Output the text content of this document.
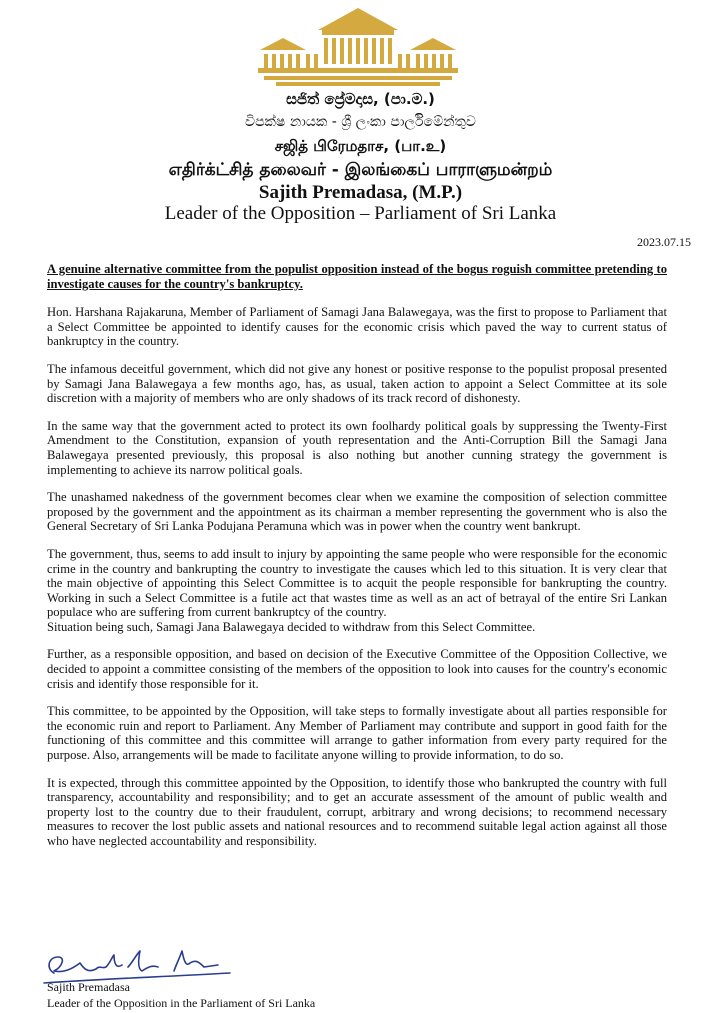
සජිත් ප්‍රේමදාස, (පා.ම.)
විපක්ෂ නායක - ශ්‍රී ලංකා පාර්ලිමේන්තුව
சஜித் பிரேமதாச, (பா.உ)
எதிர்க்ட்சித் தலைவர் - இலங்கைப் பாராளுமன்றம்
Sajith Premadasa, (M.P.)
Leader of the Opposition – Parliament of Sri Lanka
2023.07.15
A genuine alternative committee from the populist opposition instead of the bogus roguish committee pretending to investigate causes for the country's bankruptcy.

Hon. Harshana Rajakaruna, Member of Parliament of Samagi Jana Balawegaya, was the first to propose to Parliament that a Select Committee be appointed to identify causes for the economic crisis which paved the way to current status of bankruptcy in the country.

The infamous deceitful government, which did not give any honest or positive response to the populist proposal presented by Samagi Jana Balawegaya a few months ago, has, as usual, taken action to appoint a Select Committee at its sole discretion with a majority of members who are only shadows of its track record of dishonesty.

In the same way that the government acted to protect its own foolhardy political goals by suppressing the Twenty-First Amendment to the Constitution, expansion of youth representation and the Anti-Corruption Bill the Samagi Jana Balawegaya presented previously, this proposal is also nothing but another cunning strategy the government is implementing to achieve its narrow political goals.

The unashamed nakedness of the government becomes clear when we examine the composition of selection committee proposed by the government and the appointment as its chairman a member representing the government who is also the General Secretary of Sri Lanka Podujana Peramuna which was in power when the country went bankrupt.

The government, thus, seems to add insult to injury by appointing the same people who were responsible for the economic crime in the country and bankrupting the country to investigate the causes which led to this situation. It is very clear that the main objective of appointing this Select Committee is to acquit the people responsible for bankrupting the country. Working in such a Select Committee is a futile act that wastes time as well as an act of betrayal of the entire Sri Lankan populace who are suffering from current bankruptcy of the country.
Situation being such, Samagi Jana Balawegaya decided to withdraw from this Select Committee.

Further, as a responsible opposition, and based on decision of the Executive Committee of the Opposition Collective, we decided to appoint a committee consisting of the members of the opposition to look into causes for the country's economic crisis and identify those responsible for it.

This committee, to be appointed by the Opposition, will take steps to formally investigate about all parties responsible for the economic ruin and report to Parliament. Any Member of Parliament may contribute and support in good faith for the functioning of this committee and this committee will arrange to gather information from every party required for the purpose. Also, arrangements will be made to facilitate anyone willing to provide information, to do so.

It is expected, through this committee appointed by the Opposition, to identify those who bankrupted the country with full transparency, accountability and responsibility; and to get an accurate assessment of the amount of public wealth and property lost to the country due to their fraudulent, corrupt, arbitrary and wrong decisions; to recommend necessary measures to recover the lost public assets and national resources and to recommend suitable legal action against all those who have neglected accountability and responsibility.

Sajith Premadasa
Leader of the Opposition in the Parliament of Sri Lanka
